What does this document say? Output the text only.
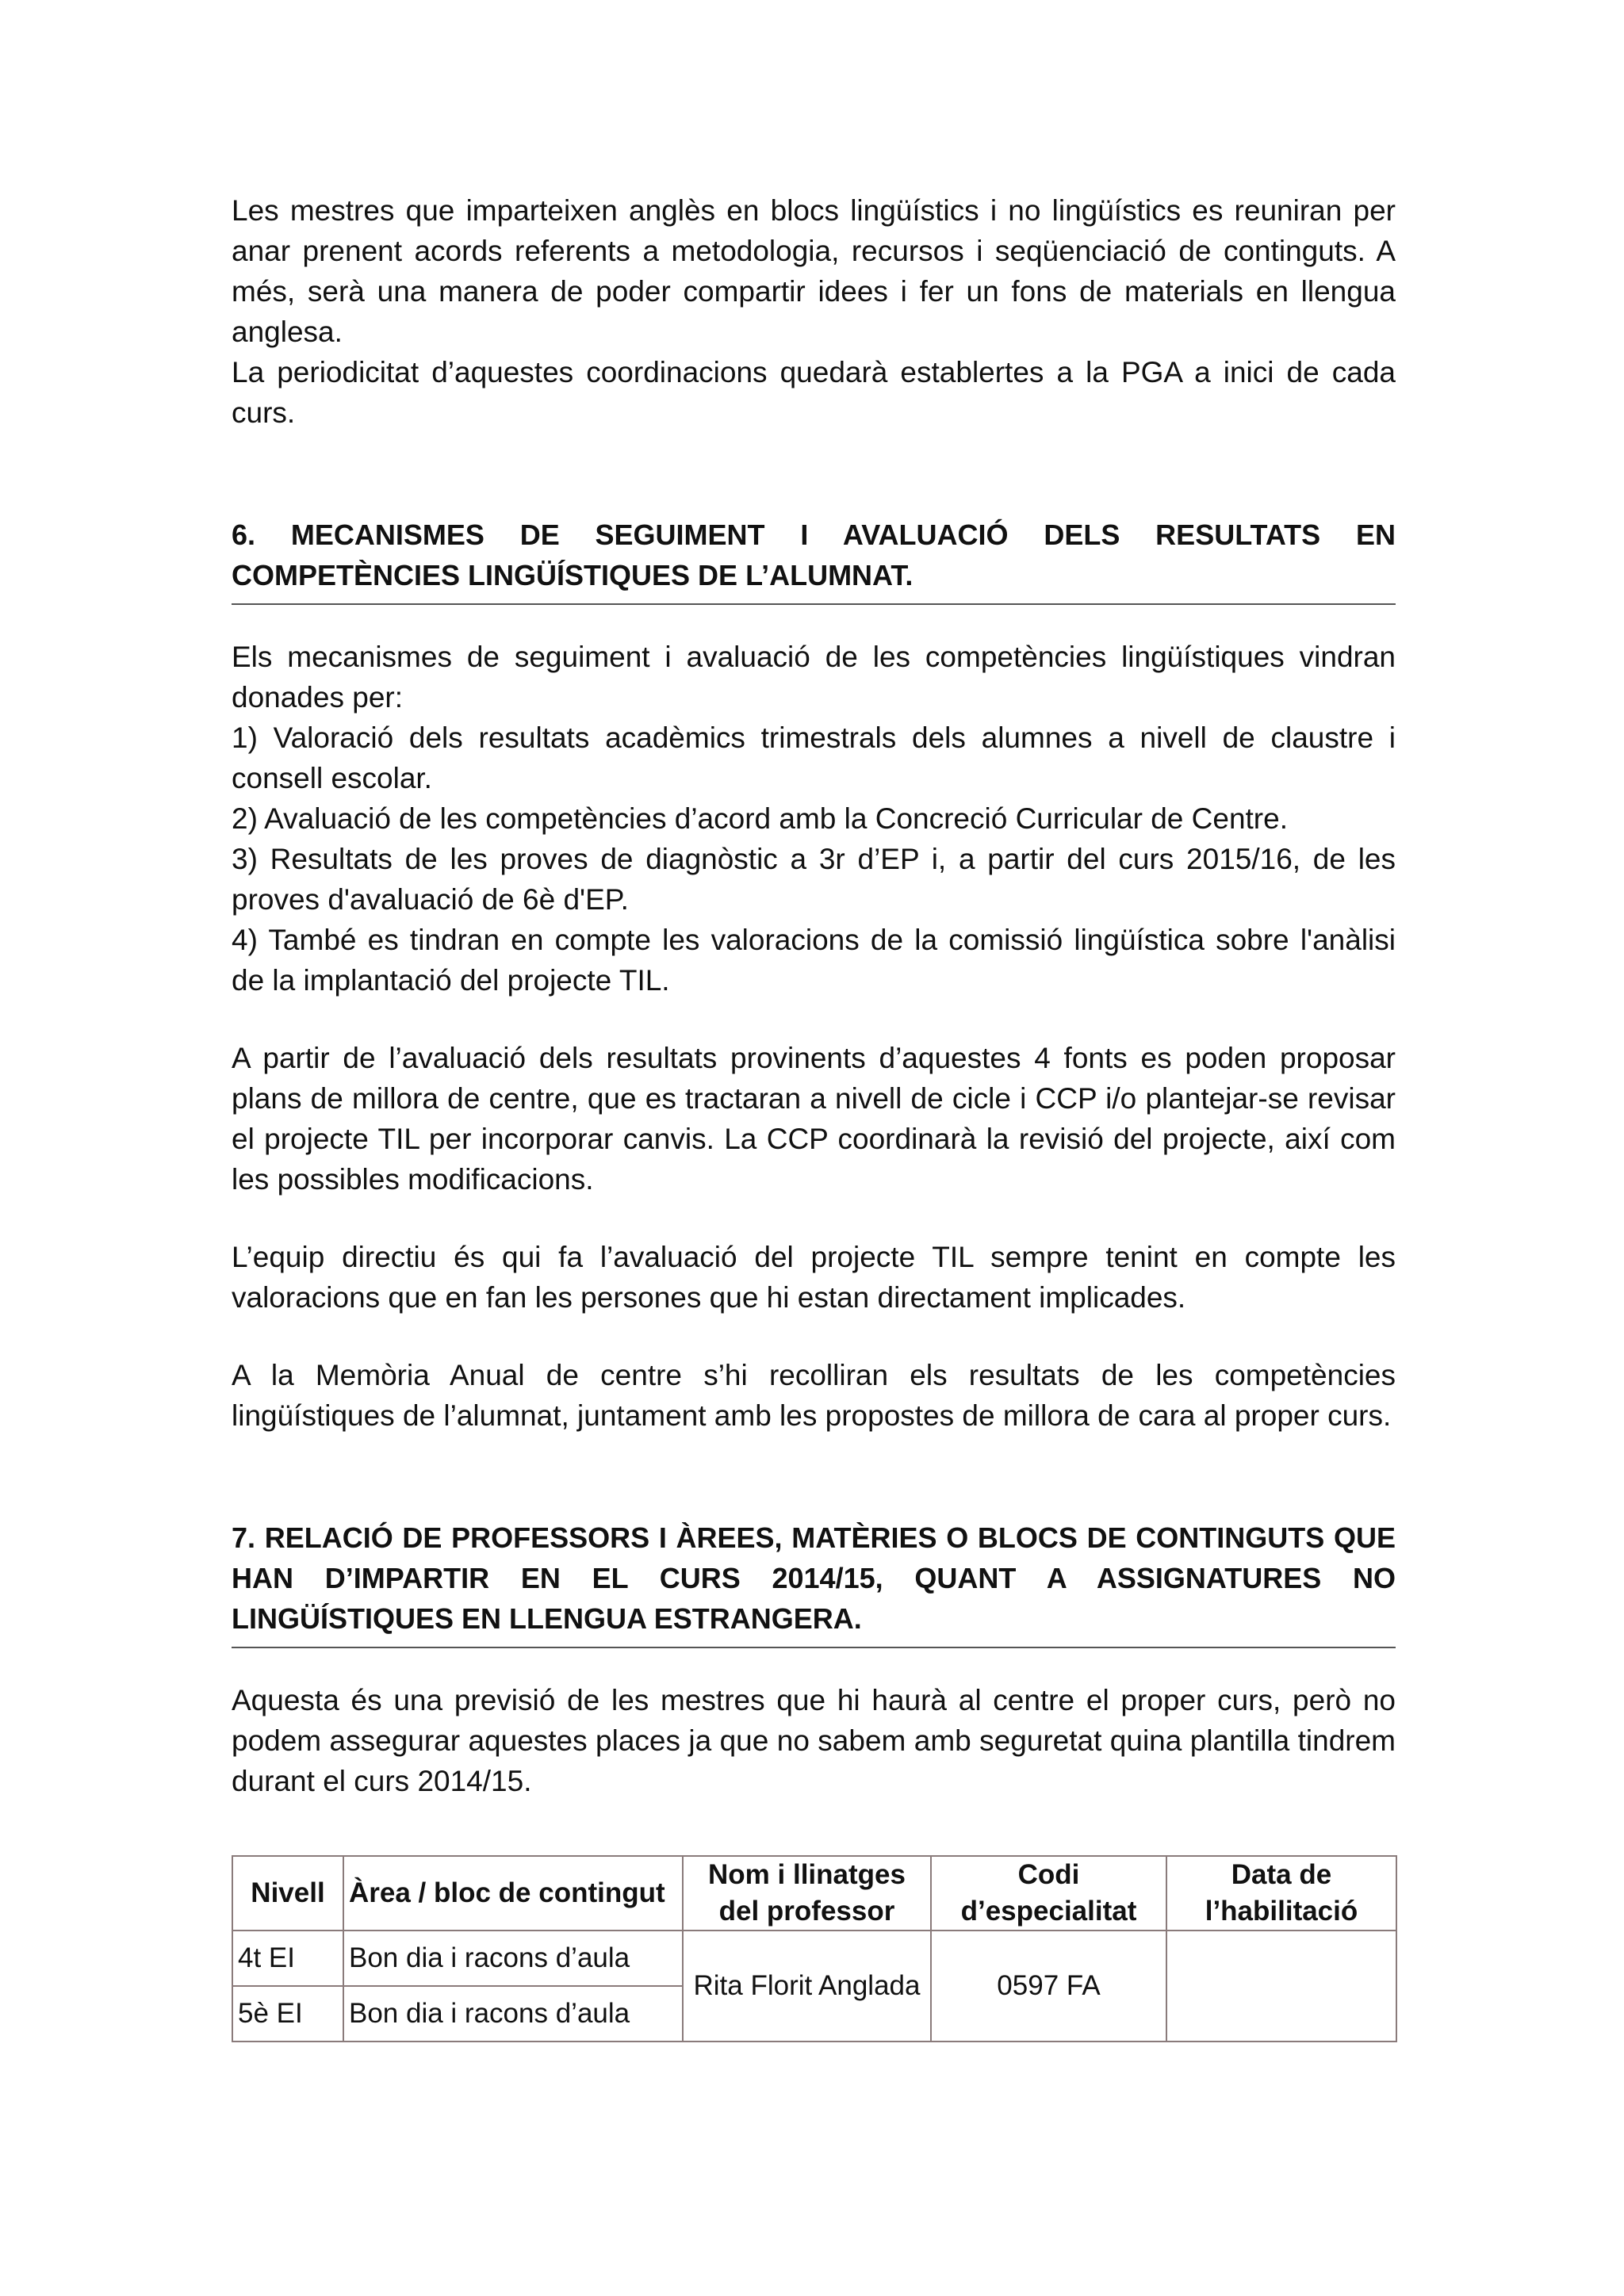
Les mestres que imparteixen anglès en blocs lingüístics i no lingüístics es reuniran per anar prenent acords referents a metodologia, recursos i seqüenciació de continguts. A més, serà una manera de poder compartir idees i fer un fons de materials en llengua anglesa.

La periodicitat d’aquestes coordinacions quedarà establertes a la PGA a inici de cada curs.

6. MECANISMES DE SEGUIMENT I AVALUACIÓ DELS RESULTATS EN COMPETÈNCIES LINGÜÍSTIQUES DE L’ALUMNAT.

Els mecanismes de seguiment i avaluació de les competències lingüístiques vindran donades per:

1) Valoració dels resultats acadèmics trimestrals dels alumnes a nivell de claustre i consell escolar.

2) Avaluació de les competències d’acord amb la Concreció Curricular de Centre.

3) Resultats de les proves de diagnòstic a 3r d’EP i, a partir del curs 2015/16, de les proves d'avaluació de 6è d'EP.

4) També es tindran en compte les valoracions de la comissió lingüística sobre l'anàlisi de la implantació del projecte TIL.

A partir de l’avaluació dels resultats provinents d’aquestes 4 fonts es poden proposar plans de millora de centre, que es tractaran a nivell de cicle i CCP i/o plantejar-se revisar el projecte TIL per incorporar canvis. La CCP coordinarà la revisió del projecte, així com les possibles modificacions.

L’equip directiu és qui fa l’avaluació del projecte TIL sempre tenint en compte les valoracions que en fan les persones que hi estan directament implicades.

A la Memòria Anual de centre s’hi recolliran els resultats de les competències lingüístiques de l’alumnat, juntament amb les propostes de millora de cara al proper curs.

7. RELACIÓ DE PROFESSORS I ÀREES, MATÈRIES O BLOCS DE CONTINGUTS QUE HAN D’IMPARTIR EN EL CURS 2014/15, QUANT A ASSIGNATURES NO LINGÜÍSTIQUES EN LLENGUA ESTRANGERA.

Aquesta és una previsió de les mestres que hi haurà al centre el proper curs, però no podem assegurar aquestes places ja que no sabem amb seguretat quina plantilla tindrem durant el curs 2014/15.

Nivell	Àrea / bloc de contingut	Nom i llinatges del professor	Codi d’especialitat	Data de l’habilitació
4t EI	Bon dia i racons d’aula	Rita Florit Anglada	0597 FA	
5è EI	Bon dia i racons d’aula			
